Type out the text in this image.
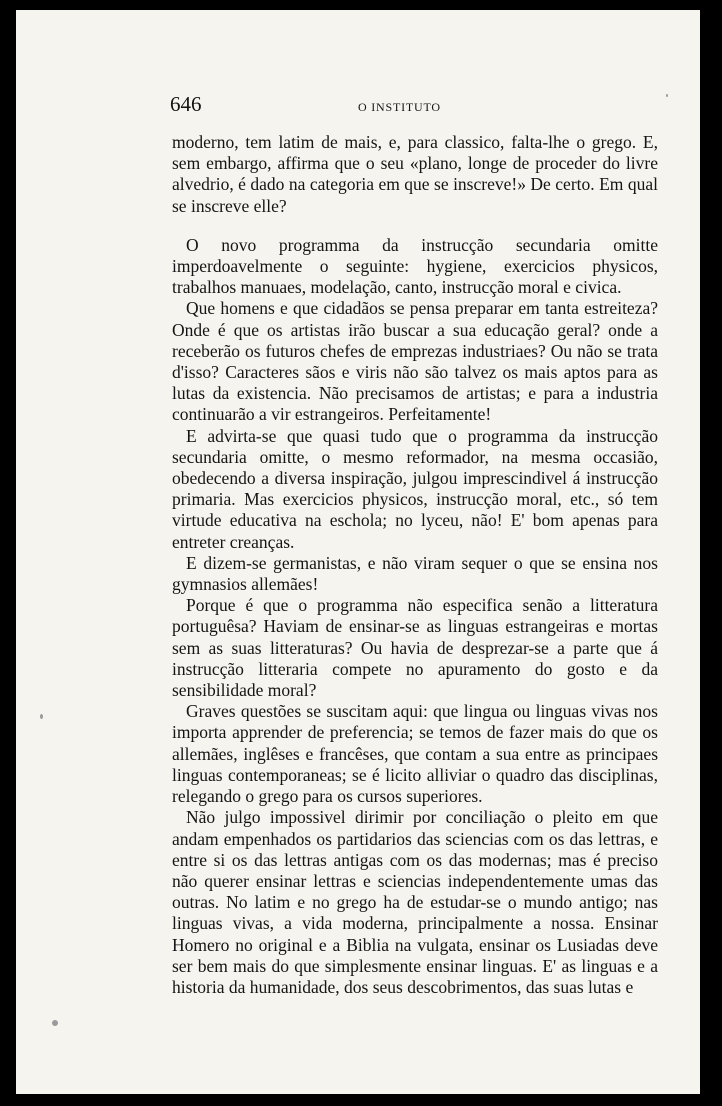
646	O INSTITUTO

moderno, tem latim de mais, e, para classico, falta-lhe o grego. E, sem embargo, affirma que o seu «plano, longe de proceder do livre alvedrio, é dado na categoria em que se inscreve!» De certo. Em qual se inscreve elle?

O novo programma da instrucção secundaria omitte imperdoavelmente o seguinte: hygiene, exercicios physicos, trabalhos manuaes, modelação, canto, instrucção moral e civica.

Que homens e que cidadãos se pensa preparar em tanta estreiteza? Onde é que os artistas irão buscar a sua educação geral? onde a receberão os futuros chefes de emprezas industriaes? Ou não se trata d'isso? Caracteres sãos e viris não são talvez os mais aptos para as lutas da existencia. Não precisamos de artistas; e para a industria continuarão a vir estrangeiros. Perfeitamente!

E advirta-se que quasi tudo que o programma da instrucção secundaria omitte, o mesmo reformador, na mesma occasião, obedecendo a diversa inspiração, julgou imprescindivel á instrucção primaria. Mas exercicios physicos, instrucção moral, etc., só tem virtude educativa na eschola; no lyceu, não! E' bom apenas para entreter creanças.

E dizem-se germanistas, e não viram sequer o que se ensina nos gymnasios allemães!

Porque é que o programma não especifica senão a litteratura portuguêsa? Haviam de ensinar-se as linguas estrangeiras e mortas sem as suas litteraturas? Ou havia de desprezar-se a parte que á instrucção litteraria compete no apuramento do gosto e da sensibilidade moral?

Graves questões se suscitam aqui: que lingua ou linguas vivas nos importa apprender de preferencia; se temos de fazer mais do que os allemães, inglêses e francêses, que contam a sua entre as principaes linguas contemporaneas; se é licito alliviar o quadro das disciplinas, relegando o grego para os cursos superiores.

Não julgo impossivel dirimir por conciliação o pleito em que andam empenhados os partidarios das sciencias com os das lettras, e entre si os das lettras antigas com os das modernas; mas é preciso não querer ensinar lettras e sciencias independentemente umas das outras. No latim e no grego ha de estudar-se o mundo antigo; nas linguas vivas, a vida moderna, principalmente a nossa. Ensinar Homero no original e a Biblia na vulgata, ensinar os Lusiadas deve ser bem mais do que simplesmente ensinar linguas. E' as linguas e a historia da humanidade, dos seus descobrimentos, das suas lutas e
